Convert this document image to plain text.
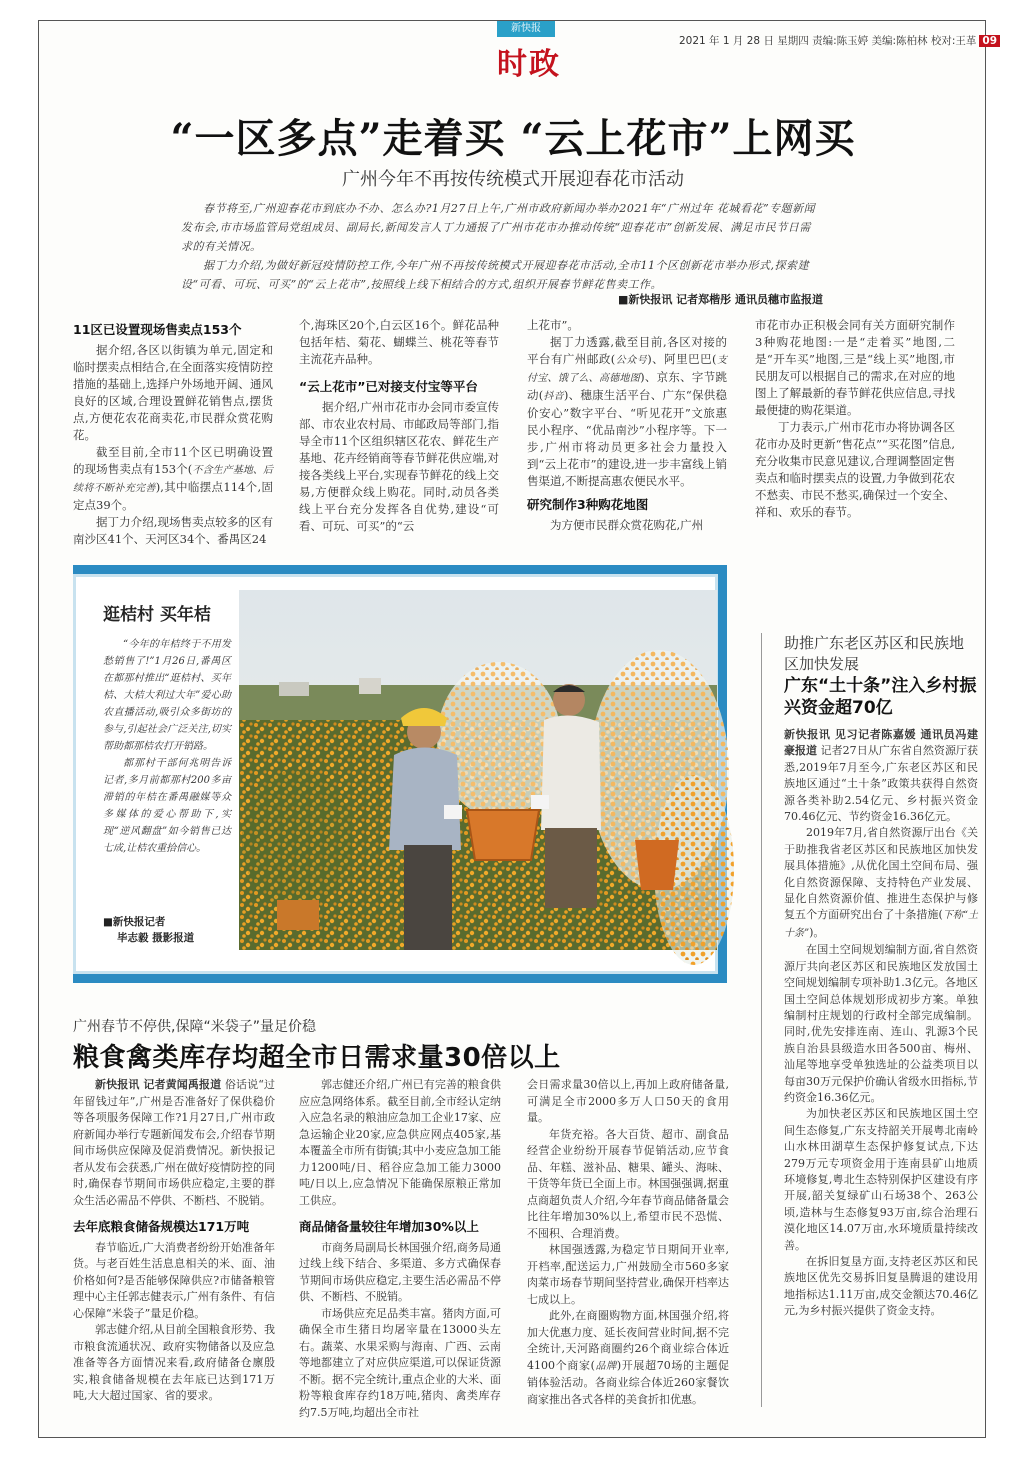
新快报
时政
2021 年 1 月 28 日 星期四 责编:陈玉婷 美编:陈柏林 校对:王革 09
“一区多点”走着买 “云上花市”上网买
广州今年不再按传统模式开展迎春花市活动

春节将至,广州迎春花市到底办不办、怎么办?1月27日上午,广州市政府新闻办举办2021年“广州过年 花城看花”专题新闻发布会,市市场监管局党组成员、副局长,新闻发言人丁力通报了广州市花市办推动传统“迎春花市”创新发展、满足市民节日需求的有关情况。

据丁力介绍,为做好新冠疫情防控工作,今年广州不再按传统模式开展迎春花市活动,全市11个区创新花市举办形式,探索建设“可看、可玩、可买”的“云上花市”,按照线上线下相结合的方式,组织开展春节鲜花售卖工作。

■新快报讯 记者郑楷彤 通讯员穗市监报道
11区已设置现场售卖点153个

据介绍,各区以街镇为单元,固定和临时摆卖点相结合,在全面落实疫情防控措施的基础上,选择户外场地开阔、通风良好的区域,合理设置鲜花销售点,摆货点,方便花农花商卖花,市民群众赏花购花。

截至目前,全市11个区已明确设置的现场售卖点有153个(不含生产基地、后续将不断补充完善),其中临摆点114个,固定点39个。

据丁力介绍,现场售卖点较多的区有南沙区41个、天河区34个、番禺区24

个,海珠区20个,白云区16个。鲜花品种包括年桔、菊花、蝴蝶兰、桃花等春节主流花卉品种。

“云上花市”已对接支付宝等平台

据介绍,广州市花市办会同市委宣传部、市农业农村局、市邮政局等部门,指导全市11个区组织辖区花农、鲜花生产基地、花卉经销商等春节鲜花供应端,对接各类线上平台,实现春节鲜花的线上交易,方便群众线上购花。同时,动员各类线上平台充分发挥各自优势,建设“可看、可玩、可买”的“云

上花市”。

据丁力透露,截至目前,各区对接的平台有广州邮政(公众号)、阿里巴巴(支付宝、饿了么、高德地图)、京东、字节跳动(抖音)、穗康生活平台、广东“保供稳价安心”数字平台、“听见花开”文旅惠民小程序、“优品南沙”小程序等。下一步,广州市将动员更多社会力量投入到“云上花市”的建设,进一步丰富线上销售渠道,不断提高惠农便民水平。

研究制作3种购花地图

为方便市民群众赏花购花,广州

市花市办正积极会同有关方面研究制作3种购花地图:一是“走着买”地图,二是“开车买”地图,三是“线上买”地图,市民朋友可以根据自己的需求,在对应的地图上了解最新的春节鲜花供应信息,寻找最便捷的购花渠道。

丁力表示,广州市花市办将协调各区花市办及时更新“售花点”“买花图”信息,充分收集市民意见建议,合理调整固定售卖点和临时摆卖点的设置,力争做到花农不愁卖、市民不愁买,确保过一个安全、祥和、欢乐的春节。

逛桔村 买年桔

“今年的年桔终于不用发愁销售了!”1月26日,番禺区在都那村推出“逛桔村、买年桔、大桔大利过大年”爱心助农直播活动,吸引众多街坊的参与,引起社会广泛关注,切实帮助都那桔农打开销路。

都那村干部何兆明告诉记者,多月前都那村200多亩滞销的年桔在番禺融媒等众多媒体的爱心帮助下,实现“逆风翻盘”如今销售已达七成,让桔农重拾信心。

■新快报记者
毕志毅 摄影报道
助推广东老区苏区和民族地区加快发展
广东“土十条”注入乡村振兴资金超70亿

新快报讯 见习记者陈嘉媛 通讯员冯建豪报道 记者27日从广东省自然资源厅获悉,2019年7月至今,广东老区苏区和民族地区通过“土十条”政策共获得自然资源各类补助2.54亿元、乡村振兴资金70.46亿元、节约资金16.36亿元。

2019年7月,省自然资源厅出台《关于助推我省老区苏区和民族地区加快发展具体措施》,从优化国土空间布局、强化自然资源保障、支持特色产业发展、显化自然资源价值、推进生态保护与修复五个方面研究出台了十条措施(下称“土十条”)。

在国土空间规划编制方面,省自然资源厅共向老区苏区和民族地区发放国土空间规划编制专项补助1.3亿元。各地区国土空间总体规划形成初步方案。单独编制村庄规划的行政村全部完成编制。同时,优先安排连南、连山、乳源3个民族自治县县级造水田各500亩、梅州、汕尾等地享受单独选址的公益类项目以每亩30万元保护价确认省级水田指标,节约资金16.36亿元。

为加快老区苏区和民族地区国土空间生态修复,广东支持韶关开展粤北南岭山水林田湖草生态保护修复试点,下达279万元专项资金用于连南县矿山地质环境修复,粤北生态特别保护区建设有序开展,韶关复绿矿山石场38个、263公顷,造林与生态修复93万亩,综合治理石漠化地区14.07万亩,水环境质量持续改善。

在拆旧复垦方面,支持老区苏区和民族地区优先交易拆旧复垦腾退的建设用地指标达1.11万亩,成交金额达70.46亿元,为乡村振兴提供了资金支持。

广州春节不停供,保障“米袋子”量足价稳
粮食禽类库存均超全市日需求量30倍以上

新快报讯 记者黄闻禹报道 俗话说“过年留钱过年”,广州是否准备好了保供稳价等各项服务保障工作?1月27日,广州市政府新闻办举行专题新闻发布会,介绍春节期间市场供应保障及促消费情况。新快报记者从发布会获悉,广州在做好疫情防控的同时,确保春节期间市场供应稳定,主要的群众生活必需品不停供、不断档、不脱销。

去年底粮食储备规模达171万吨

春节临近,广大消费者纷纷开始准备年货。与老百姓生活息息相关的米、面、油价格如何?是否能够保障供应?市储备粮管理中心主任郭志健表示,广州有条件、有信心保障“米袋子”量足价稳。

郭志健介绍,从目前全国粮食形势、我市粮食流通状况、政府实物储备以及应急准备等各方面情况来看,政府储备仓廪殷实,粮食储备规模在去年底已达到171万吨,大大超过国家、省的要求。

郭志健还介绍,广州已有完善的粮食供应应急网络体系。截至目前,全市经认定纳入应急名录的粮油应急加工企业17家、应急运输企业20家,应急供应网点405家,基本覆盖全市所有街镇;其中小麦应急加工能力1200吨/日、稻谷应急加工能力3000吨/日以上,应急情况下能确保原粮正常加工供应。

商品储备量较往年增加30%以上

市商务局副局长林国强介绍,商务局通过线上线下结合、多渠道、多方式确保春节期间市场供应稳定,主要生活必需品不停供、不断档、不脱销。

市场供应充足品类丰富。猪肉方面,可确保全市生猪日均屠宰量在13000头左右。蔬菜、水果采购与海南、广西、云南等地都建立了对应供应渠道,可以保证货源不断。据不完全统计,重点企业的大米、面粉等粮食库存约18万吨,猪肉、禽类库存约7.5万吨,均超出全市社

会日需求量30倍以上,再加上政府储备量,可满足全市2000多万人口50天的食用量。

年货充裕。各大百货、超市、副食品经营企业纷纷开展春节促销活动,应节食品、年糕、滋补品、糖果、罐头、海味、干货等年货已全面上市。林国强强调,据重点商超负责人介绍,今年春节商品储备量会比往年增加30%以上,希望市民不恐慌、不囤积、合理消费。

林国强透露,为稳定节日期间开业率,开档率,配送运力,广州鼓励全市560多家肉菜市场春节期间坚持营业,确保开档率达七成以上。

此外,在商圈购物方面,林国强介绍,将加大优惠力度、延长夜间营业时间,据不完全统计,天河路商圈约26个商业综合体近4100个商家(品牌)开展超70场的主题促销体验活动。各商业综合体近260家餐饮商家推出各式各样的美食折扣优惠。
